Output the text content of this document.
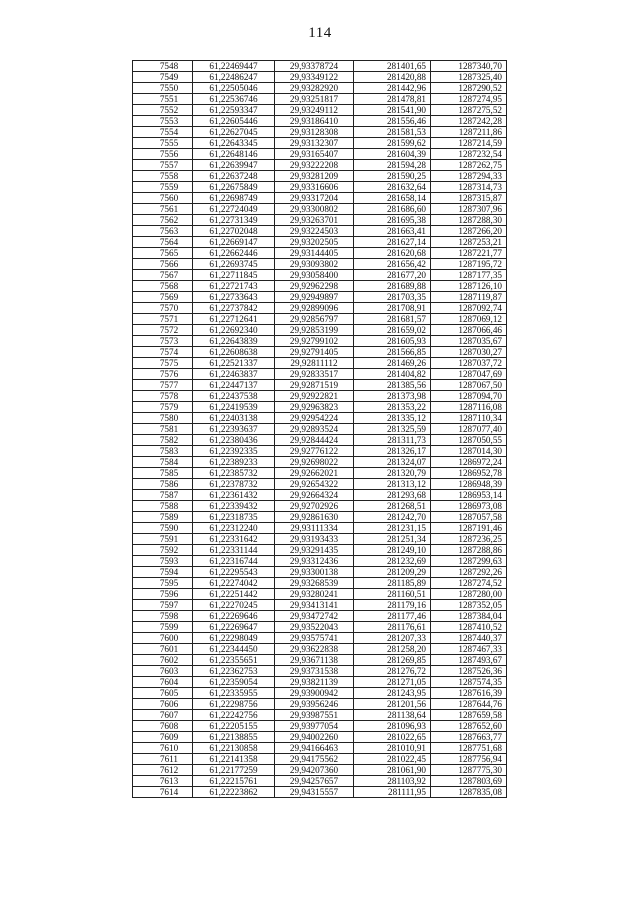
114
7548	61,22469447	29,93378724	281401,65	1287340,70
7549	61,22486247	29,93349122	281420,88	1287325,40
7550	61,22505046	29,93282920	281442,96	1287290,52
7551	61,22536746	29,93251817	281478,81	1287274,95
7552	61,22593347	29,93249112	281541,90	1287275,52
7553	61,22605446	29,93186410	281556,46	1287242,28
7554	61,22627045	29,93128308	281581,53	1287211,86
7555	61,22643345	29,93132307	281599,62	1287214,59
7556	61,22648146	29,93165407	281604,39	1287232,54
7557	61,22639947	29,93222208	281594,28	1287262,75
7558	61,22637248	29,93281209	281590,25	1287294,33
7559	61,22675849	29,93316606	281632,64	1287314,73
7560	61,22698749	29,93317204	281658,14	1287315,87
7561	61,22724049	29,93300802	281686,60	1287307,96
7562	61,22731349	29,93263701	281695,38	1287288,30
7563	61,22702048	29,93224503	281663,41	1287266,20
7564	61,22669147	29,93202505	281627,14	1287253,21
7565	61,22662446	29,93144405	281620,68	1287221,77
7566	61,22693745	29,93093802	281656,42	1287195,72
7567	61,22711845	29,93058400	281677,20	1287177,35
7568	61,22721743	29,92962298	281689,88	1287126,10
7569	61,22733643	29,92949897	281703,35	1287119,87
7570	61,22737842	29,92899096	281708,91	1287092,74
7571	61,22712641	29,92856797	281681,57	1287069,12
7572	61,22692340	29,92853199	281659,02	1287066,46
7573	61,22643839	29,92799102	281605,93	1287035,67
7574	61,22608638	29,92791405	281566,85	1287030,27
7575	61,22521337	29,92811112	281469,26	1287037,72
7576	61,22463837	29,92833517	281404,82	1287047,69
7577	61,22447137	29,92871519	281385,56	1287067,50
7578	61,22437538	29,92922821	281373,98	1287094,70
7579	61,22419539	29,92963823	281353,22	1287116,08
7580	61,22403138	29,92954224	281335,12	1287110,34
7581	61,22393637	29,92893524	281325,59	1287077,40
7582	61,22380436	29,92844424	281311,73	1287050,55
7583	61,22392335	29,92776122	281326,17	1287014,30
7584	61,22389233	29,92698022	281324,07	1286972,24
7585	61,22385732	29,92662021	281320,79	1286952,78
7586	61,22378732	29,92654322	281313,12	1286948,39
7587	61,22361432	29,92664324	281293,68	1286953,14
7588	61,22339432	29,92702926	281268,51	1286973,08
7589	61,22318735	29,92861630	281242,70	1287057,58
7590	61,22312240	29,93111334	281231,15	1287191,46
7591	61,22331642	29,93193433	281251,34	1287236,25
7592	61,22331144	29,93291435	281249,10	1287288,86
7593	61,22316744	29,93312436	281232,69	1287299,63
7594	61,22295543	29,93300138	281209,29	1287292,26
7595	61,22274042	29,93268539	281185,89	1287274,52
7596	61,22251442	29,93280241	281160,51	1287280,00
7597	61,22270245	29,93413141	281179,16	1287352,05
7598	61,22269646	29,93472742	281177,46	1287384,04
7599	61,22269647	29,93522043	281176,61	1287410,52
7600	61,22298049	29,93575741	281207,33	1287440,37
7601	61,22344450	29,93622838	281258,20	1287467,33
7602	61,22355651	29,93671138	281269,85	1287493,67
7603	61,22362753	29,93731538	281276,72	1287526,36
7604	61,22359054	29,93821139	281271,05	1287574,35
7605	61,22335955	29,93900942	281243,95	1287616,39
7606	61,22298756	29,93956246	281201,56	1287644,76
7607	61,22242756	29,93987551	281138,64	1287659,58
7608	61,22205155	29,93977054	281096,93	1287652,60
7609	61,22138855	29,94002260	281022,65	1287663,77
7610	61,22130858	29,94166463	281010,91	1287751,68
7611	61,22141358	29,94175562	281022,45	1287756,94
7612	61,22177259	29,94207360	281061,90	1287775,30
7613	61,22215761	29,94257657	281103,92	1287803,69
7614	61,22223862	29,94315557	281111,95	1287835,08
